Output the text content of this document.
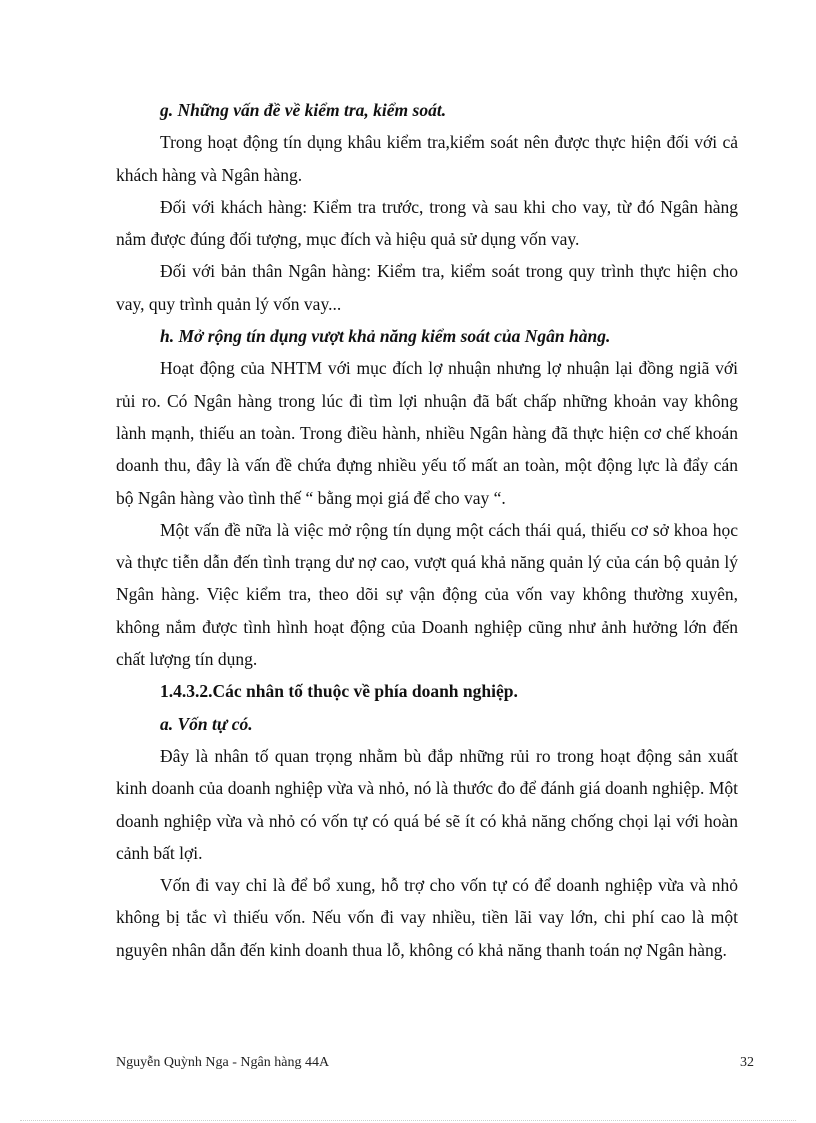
g. Những vấn đề về kiểm tra, kiểm soát.

Trong hoạt động tín dụng khâu kiểm tra,kiểm soát nên được thực hiện đối với cả khách hàng và Ngân hàng.

Đối với khách hàng: Kiểm tra trước, trong và sau khi cho vay, từ đó Ngân hàng nắm được đúng đối tượng, mục đích và hiệu quả sử dụng vốn vay.

Đối với bản thân Ngân hàng: Kiểm tra, kiểm soát trong quy trình thực hiện cho vay, quy trình quản lý vốn vay...

h. Mở rộng tín dụng vượt khả năng kiểm soát của Ngân hàng.

Hoạt động của NHTM với mục đích lợ nhuận nhưng lợ nhuận lại đồng ngiã với rủi ro. Có Ngân hàng trong lúc đi tìm lợi nhuận đã bất chấp những khoản vay không lành mạnh, thiếu an toàn. Trong điều hành, nhiều Ngân hàng đã thực hiện cơ chế khoán doanh thu, đây là vấn đề chứa đựng nhiều yếu tố mất an toàn, một động lực là đẩy cán bộ Ngân hàng vào tình thế “ bằng mọi giá để cho vay “.

Một vấn đề nữa là việc mở rộng tín dụng một cách thái quá, thiếu cơ sở khoa học và thực tiễn dẫn đến tình trạng dư nợ cao, vượt quá khả năng quản lý của cán bộ quản lý Ngân hàng. Việc kiểm tra, theo dõi sự vận động của vốn vay không thường xuyên, không nắm được tình hình hoạt động của Doanh nghiệp cũng như ảnh hưởng lớn đến chất lượng tín dụng.

1.4.3.2.Các nhân tố thuộc về phía doanh nghiệp.

a. Vốn tự có.

Đây là nhân tố quan trọng nhằm bù đắp những rủi ro trong hoạt động sản xuất kinh doanh của doanh nghiệp vừa và nhỏ, nó là thước đo để đánh giá doanh nghiệp. Một doanh nghiệp vừa và nhỏ có vốn tự có quá bé sẽ ít có khả năng chống chọi lại với hoàn cảnh bất lợi.

Vốn đi vay chỉ là để bổ xung, hỗ trợ cho vốn tự có để doanh nghiệp vừa và nhỏ không bị tắc vì thiếu vốn. Nếu vốn đi vay nhiều, tiền lãi vay lớn, chi phí cao là một nguyên nhân dẫn đến kinh doanh thua lỗ, không có khả năng thanh toán nợ Ngân hàng.

Nguyễn Quỳnh Nga - Ngân hàng 44A	32
